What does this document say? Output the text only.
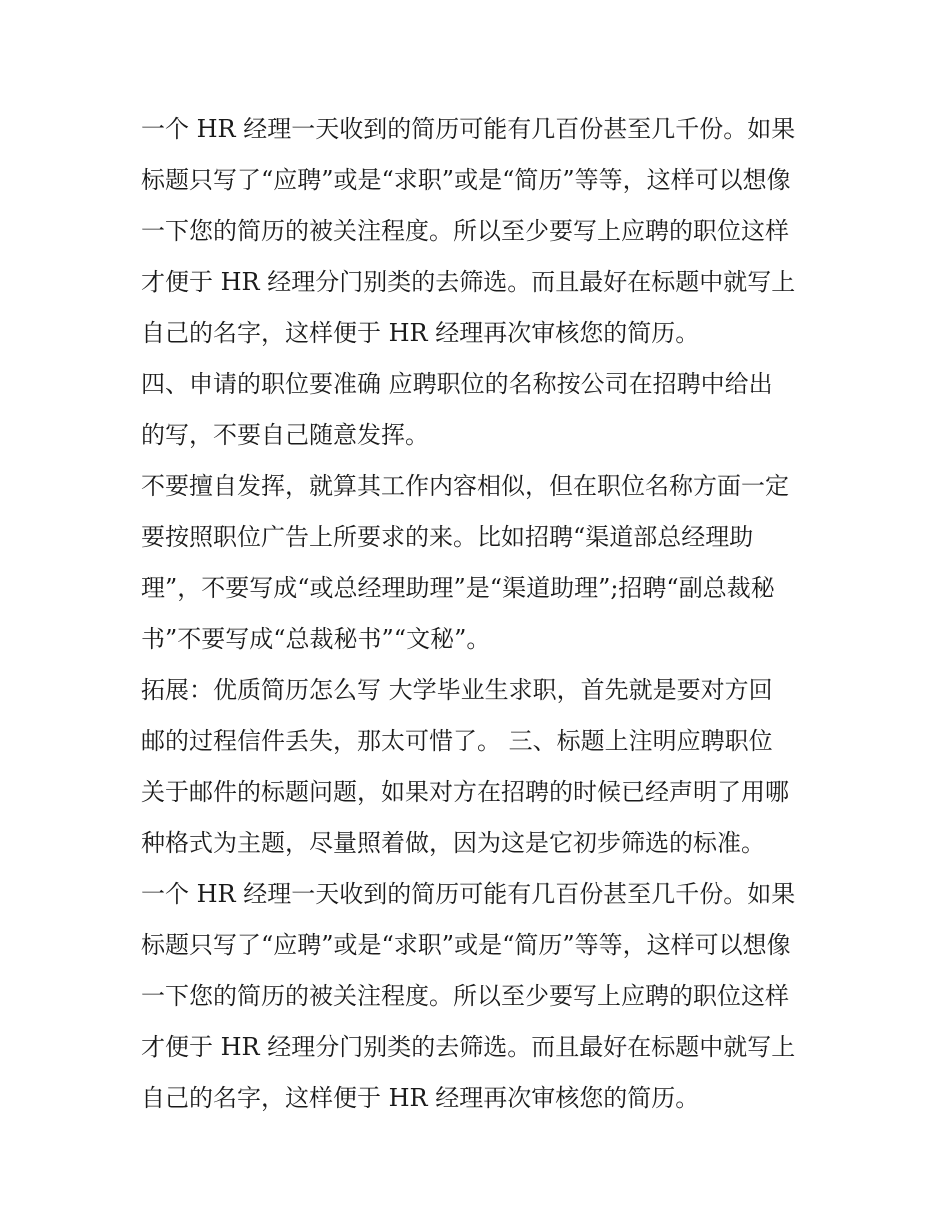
一个 HR 经理一天收到的简历可能有几百份甚至几千份。如果
标题只写了“应聘”或是“求职”或是“简历”等等，这样可以想像
一下您的简历的被关注程度。所以至少要写上应聘的职位这样
才便于 HR 经理分门别类的去筛选。而且最好在标题中就写上
自己的名字，这样便于 HR 经理再次审核您的简历。
四、申请的职位要准确 应聘职位的名称按公司在招聘中给出
的写，不要自己随意发挥。
不要擅自发挥，就算其工作内容相似，但在职位名称方面一定
要按照职位广告上所要求的来。比如招聘“渠道部总经理助
理”，不要写成“或总经理助理”是“渠道助理”;招聘“副总裁秘
书”不要写成“总裁秘书”“文秘”。
拓展：优质简历怎么写 大学毕业生求职，首先就是要对方回
邮的过程信件丢失，那太可惜了。 三、标题上注明应聘职位
关于邮件的标题问题，如果对方在招聘的时候已经声明了用哪
种格式为主题，尽量照着做，因为这是它初步筛选的标准。
一个 HR 经理一天收到的简历可能有几百份甚至几千份。如果
标题只写了“应聘”或是“求职”或是“简历”等等，这样可以想像
一下您的简历的被关注程度。所以至少要写上应聘的职位这样
才便于 HR 经理分门别类的去筛选。而且最好在标题中就写上
自己的名字，这样便于 HR 经理再次审核您的简历。
